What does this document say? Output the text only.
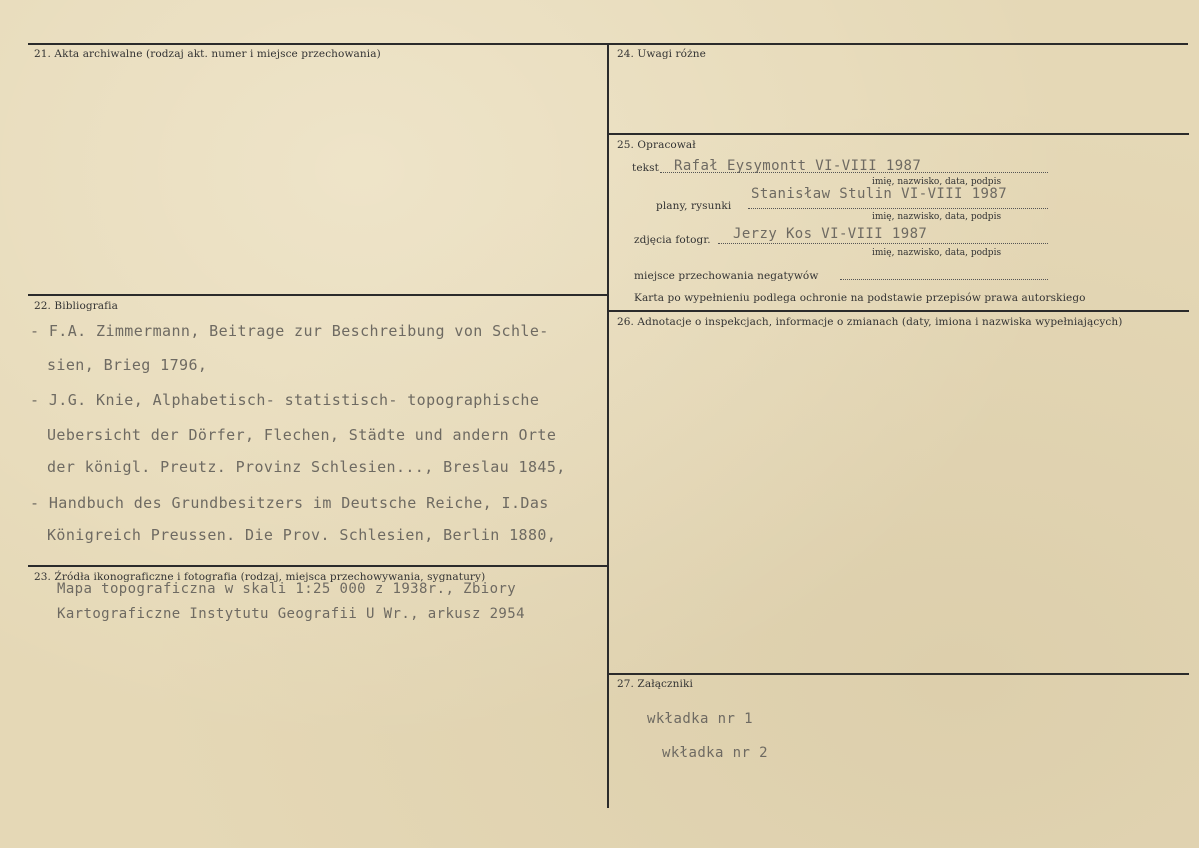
21. Akta archiwalne (rodzaj akt. numer i miejsce przechowania)
22. Bibliografia
- F.A. Zimmermann, Beitrage zur Beschreibung von Schle-
sien, Brieg 1796,
- J.G. Knie, Alphabetisch- statistisch- topographische
Uebersicht der Dörfer, Flechen, Städte und andern Orte
der königl. Preutz. Provinz Schlesien..., Breslau 1845,
- Handbuch des Grundbesitzers im Deutsche Reiche, I.Das
Königreich Preussen. Die Prov. Schlesien, Berlin 1880,
23. Źródła ikonograficzne i fotografia (rodzaj, miejsca przechowywania, sygnatury)
Mapa topograficzna w skali 1:25 000 z 1938r., Zbiory
Kartograficzne Instytutu Geografii U Wr., arkusz 2954
24. Uwagi różne
25. Opracował
tekst Rafał Eysymontt VI-VIII 1987
imię, nazwisko, data, podpis
plany, rysunki
Stanisław Stulin VI-VIII 1987
imię, nazwisko, data, podpis
zdjęcia fotogr. Jerzy Kos VI-VIII 1987
imię, nazwisko, data, podpis
miejsce przechowania negatywów
Karta po wypełnieniu podlega ochronie na podstawie przepisów prawa autorskiego
26. Adnotacje o inspekcjach, informacje o zmianach (daty, imiona i nazwiska wypełniających)
27. Załączniki
wkładka nr 1
wkładka nr 2
